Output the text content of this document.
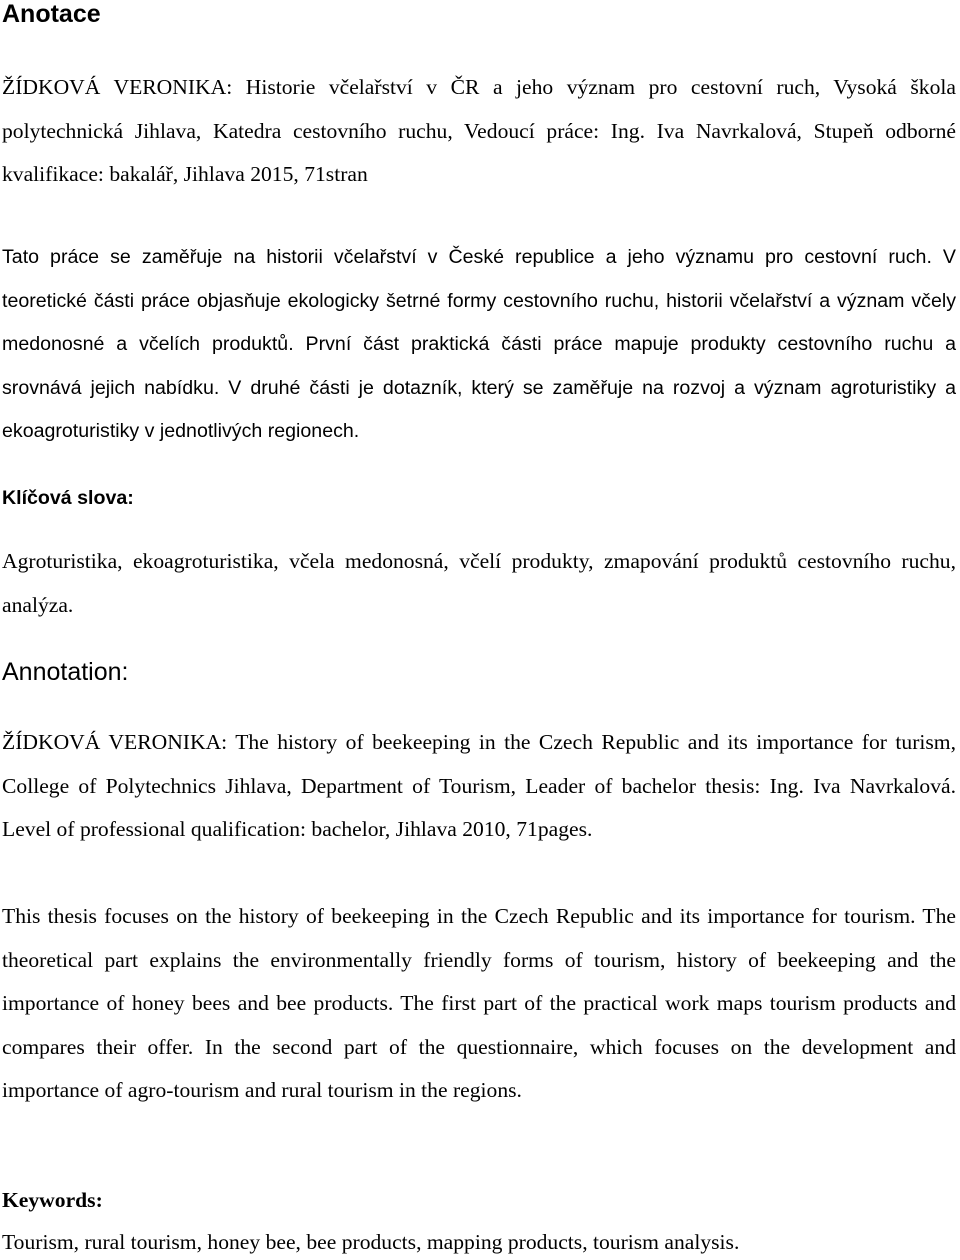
Anotace

ŽÍDKOVÁ VERONIKA: Historie včelařství v ČR a jeho význam pro cestovní ruch, Vysoká škola polytechnická Jihlava, Katedra cestovního ruchu, Vedoucí práce: Ing. Iva Navrkalová, Stupeň odborné kvalifikace: bakalář, Jihlava 2015, 71stran

Tato práce se zaměřuje na historii včelařství v České republice a jeho významu pro cestovní ruch. V teoretické části práce objasňuje ekologicky šetrné formy cestovního ruchu, historii včelařství a význam včely medonosné a včelích produktů. První část praktická části práce mapuje produkty cestovního ruchu a srovnává jejich nabídku. V druhé části je dotazník, který se zaměřuje na rozvoj a význam agroturistiky a ekoagroturistiky v jednotlivých regionech.

Klíčová slova:

Agroturistika, ekoagroturistika, včela medonosná, včelí produkty, zmapování produktů cestovního ruchu, analýza.

Annotation:

ŽÍDKOVÁ VERONIKA: The history of beekeeping in the Czech Republic and its importance for turism, College of Polytechnics Jihlava, Department of Tourism, Leader of bachelor thesis: Ing. Iva Navrkalová. Level of professional qualification: bachelor, Jihlava 2010, 71pages.

This thesis focuses on the history of beekeeping in the Czech Republic and its importance for tourism. The theoretical part explains the environmentally friendly forms of tourism, history of beekeeping and the importance of honey bees and bee products. The first part of the practical work maps tourism products and compares their offer. In the second part of the questionnaire, which focuses on the development and importance of agro-tourism and rural tourism in the regions.

Keywords:

Tourism, rural tourism, honey bee, bee products, mapping products, tourism analysis.
